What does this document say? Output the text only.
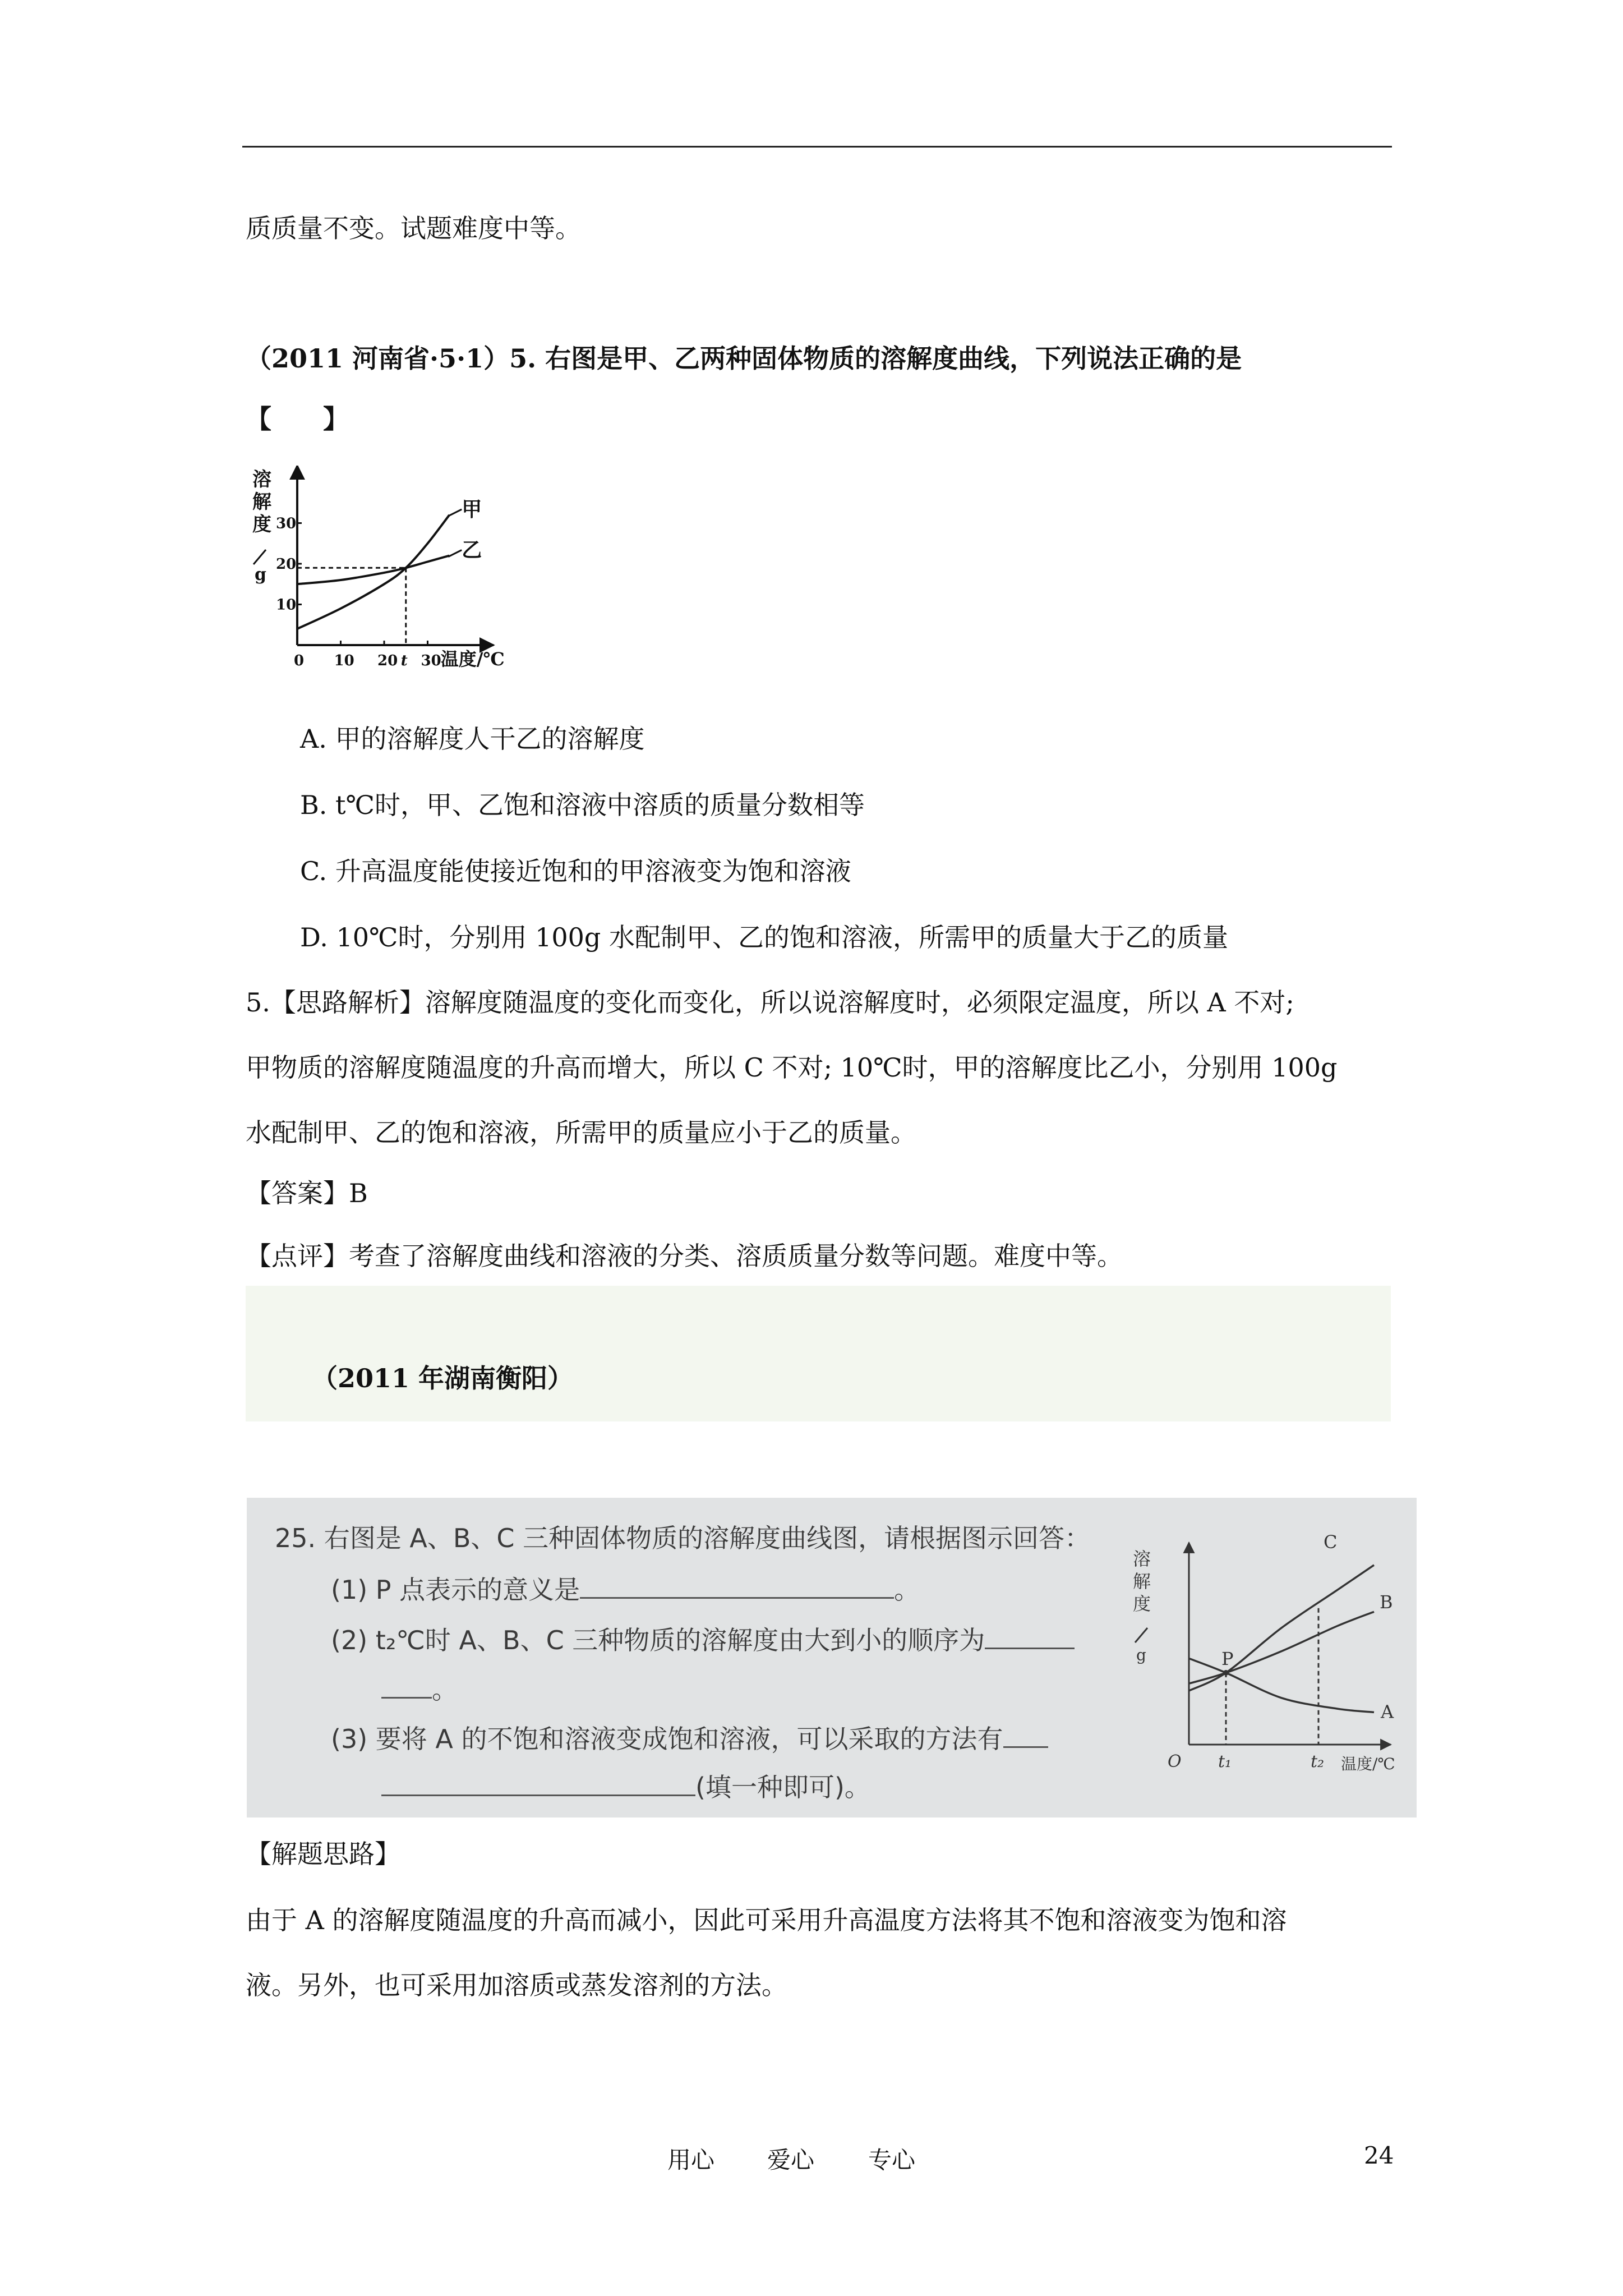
质质量不变。试题难度中等。
（2011 河南省·5·1）5. 右图是甲、乙两种固体物质的溶解度曲线，下列说法正确的是
【　　】
0 10 20 30
10
20
30
t
甲
乙
溶
解
度
g
温度/℃
A. 甲的溶解度人干乙的溶解度
B. t℃时，甲、乙饱和溶液中溶质的质量分数相等
C. 升高温度能使接近饱和的甲溶液变为饱和溶液
D. 10℃时，分别用 100g 水配制甲、乙的饱和溶液，所需甲的质量大于乙的质量
5.【思路解析】溶解度随温度的变化而变化，所以说溶解度时，必须限定温度，所以 A 不对;
甲物质的溶解度随温度的升高而增大，所以 C 不对; 10℃时，甲的溶解度比乙小，分别用 100g
水配制甲、乙的饱和溶液，所需甲的质量应小于乙的质量。
【答案】B
【点评】考查了溶解度曲线和溶液的分类、溶质质量分数等问题。难度中等。
（2011 年湖南衡阳）
25. 右图是 A、B、C 三种固体物质的溶解度曲线图，请根据图示回答：
(1) P 点表示的意义是	。
(2) t₂℃时 A、B、C 三种物质的溶解度由大到小的顺序为
。
(3) 要将 A 的不饱和溶液变成饱和溶液，可以采取的方法有
(填一种即可)。
A
B
C
P
溶
解
度
g
O t₁	t₂ 温度/℃
【解题思路】
由于 A 的溶解度随温度的升高而减小，因此可采用升高温度方法将其不饱和溶液变为饱和溶
液。另外，也可采用加溶质或蒸发溶剂的方法。
用心 爱心 专心	24
